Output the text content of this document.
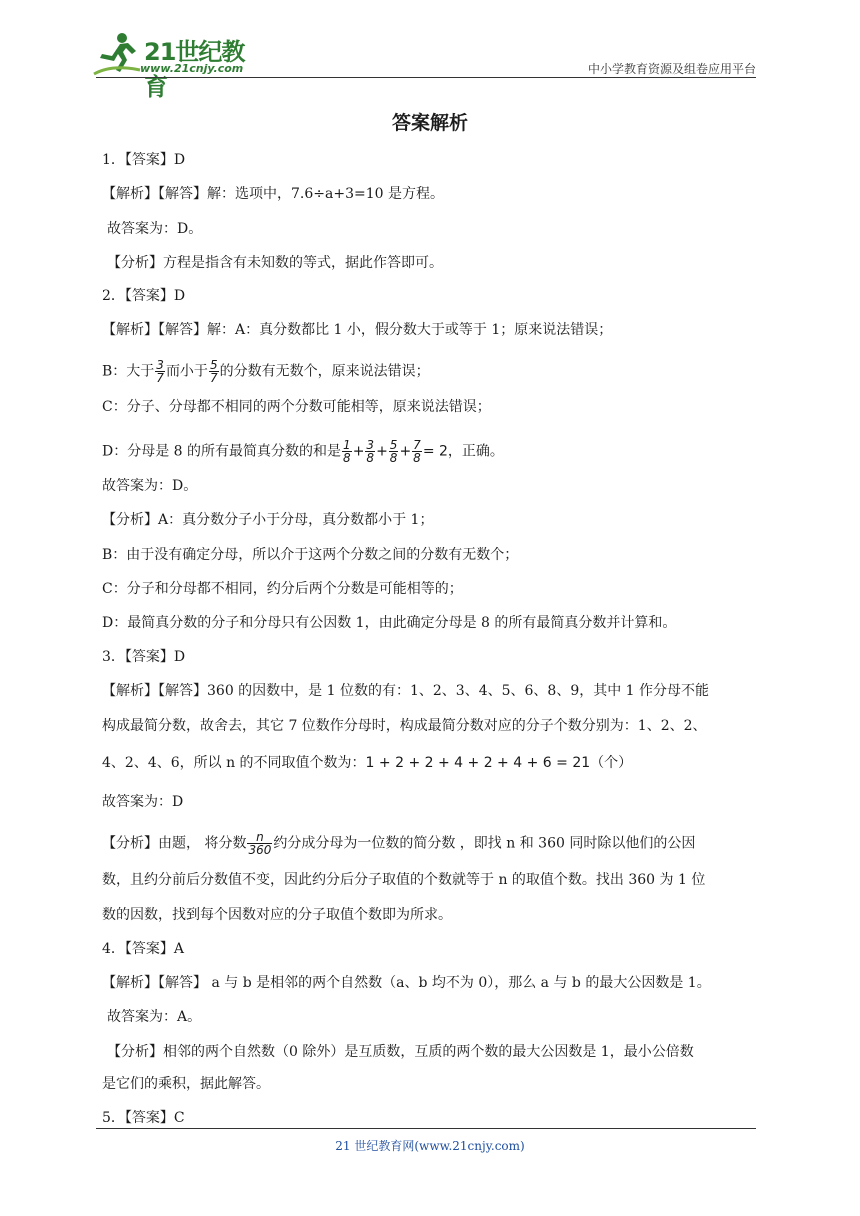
21世纪教育
www.21cnjy.com	中小学教育资源及组卷应用平台
答案解析
1．【答案】D
【解析】【解答】解：选项中，7.6÷a+3=10 是方程。
故答案为：D。
【分析】方程是指含有未知数的等式，据此作答即可。
2．【答案】D
【解析】【解答】解：A：真分数都比 1 小，假分数大于或等于 1；原来说法错误；
B：大于 $\frac{3}{7}$ 而小于 $\frac{5}{7}$ 的分数有无数个，原来说法错误；
C：分子、分母都不相同的两个分数可能相等，原来说法错误；
D：分母是 8 的所有最简真分数的和是 $\frac{1}{8} + \frac{3}{8} + \frac{5}{8} + \frac{7}{8} = 2$，正确。
故答案为：D。
【分析】A：真分数分子小于分母，真分数都小于 1；
B：由于没有确定分母，所以介于这两个分数之间的分数有无数个；
C：分子和分母都不相同，约分后两个分数是可能相等的；
D：最简真分数的分子和分母只有公因数 1，由此确定分母是 8 的所有最简真分数并计算和。
3．【答案】D
【解析】【解答】360 的因数中，是 1 位数的有：1、2、3、4、5、6、8、9，其中 1 作分母不能
构成最简分数，故舍去，其它 7 位数作分母时，构成最简分数对应的分子个数分别为：1、2、2、
4、2、4、6，所以 n 的不同取值个数为：1 + 2 + 2 + 4 + 2 + 4 + 6 = 21（个）
故答案为：D
【分析】由题， 将分数 $\frac{n}{360}$ 约分成分母为一位数的简分数 ，即找 n 和 360 同时除以他们的公因
数，且约分前后分数值不变，因此约分后分子取值的个数就等于 n 的取值个数。找出 360 为 1 位
数的因数，找到每个因数对应的分子取值个数即为所求。
4．【答案】A
【解析】【解答】 a 与 b 是相邻的两个自然数（a、b 均不为 0），那么 a 与 b 的最大公因数是 1。
故答案为：A。
【分析】相邻的两个自然数（0 除外）是互质数，互质的两个数的最大公因数是 1，最小公倍数
是它们的乘积，据此解答。
5．【答案】C
21 世纪教育网(www.21cnjy.com)
